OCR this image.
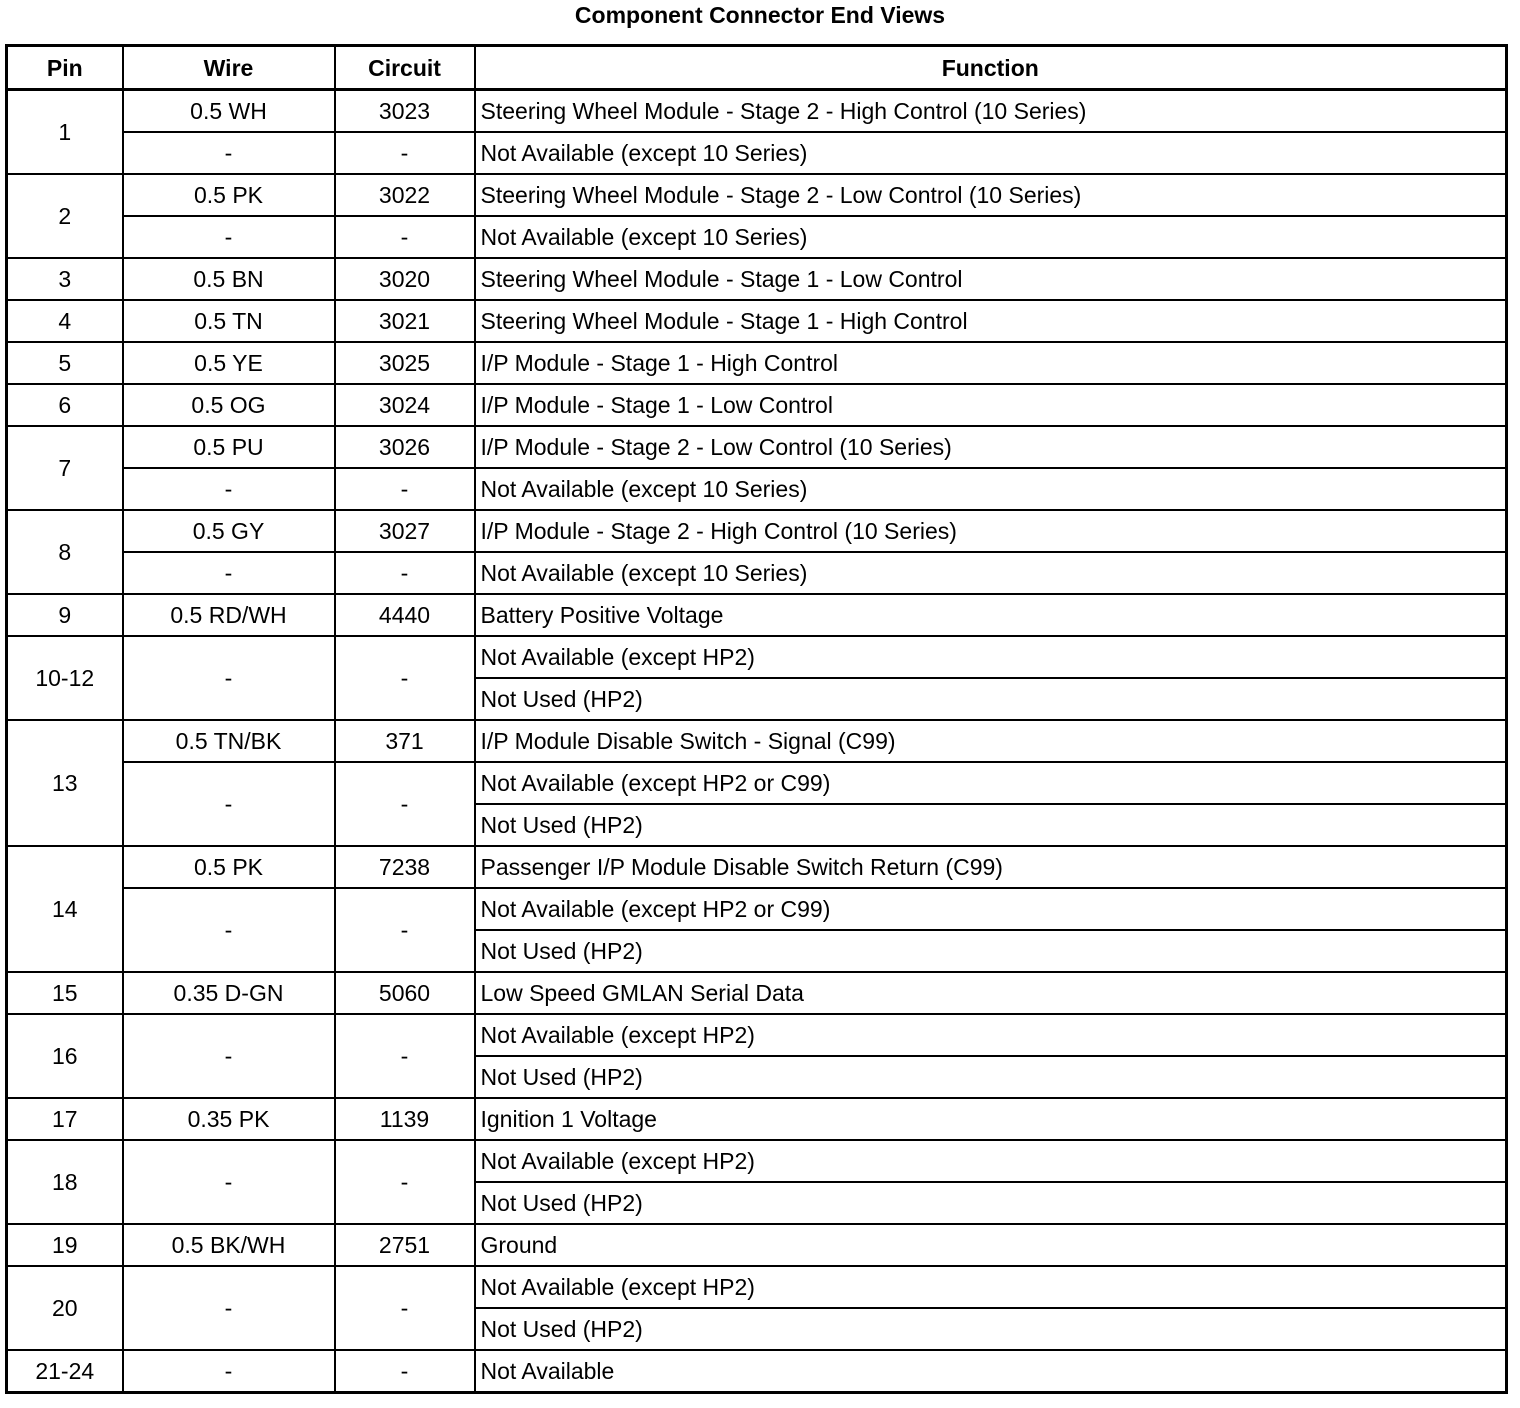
Component Connector End Views
Pin	Wire	Circuit	Function
1	0.5 WH	3023	Steering Wheel Module - Stage 2 - High Control (10 Series)
	-	-	Not Available (except 10 Series)
2	0.5 PK	3022	Steering Wheel Module - Stage 2 - Low Control (10 Series)
	-	-	Not Available (except 10 Series)
3	0.5 BN	3020	Steering Wheel Module - Stage 1 - Low Control
4	0.5 TN	3021	Steering Wheel Module - Stage 1 - High Control
5	0.5 YE	3025	I/P Module - Stage 1 - High Control
6	0.5 OG	3024	I/P Module - Stage 1 - Low Control
7	0.5 PU	3026	I/P Module - Stage 2 - Low Control (10 Series)
	-	-	Not Available (except 10 Series)
8	0.5 GY	3027	I/P Module - Stage 2 - High Control (10 Series)
	-	-	Not Available (except 10 Series)
9	0.5 RD/WH	4440	Battery Positive Voltage
10-12	-	-	Not Available (except HP2)
			Not Used (HP2)
13	0.5 TN/BK	371	I/P Module Disable Switch - Signal (C99)
	-	-	Not Available (except HP2 or C99)
			Not Used (HP2)
14	0.5 PK	7238	Passenger I/P Module Disable Switch Return (C99)
	-	-	Not Available (except HP2 or C99)
			Not Used (HP2)
15	0.35 D-GN	5060	Low Speed GMLAN Serial Data
16	-	-	Not Available (except HP2)
			Not Used (HP2)
17	0.35 PK	1139	Ignition 1 Voltage
18	-	-	Not Available (except HP2)
			Not Used (HP2)
19	0.5 BK/WH	2751	Ground
20	-	-	Not Available (except HP2)
			Not Used (HP2)
21-24	-	-	Not Available
